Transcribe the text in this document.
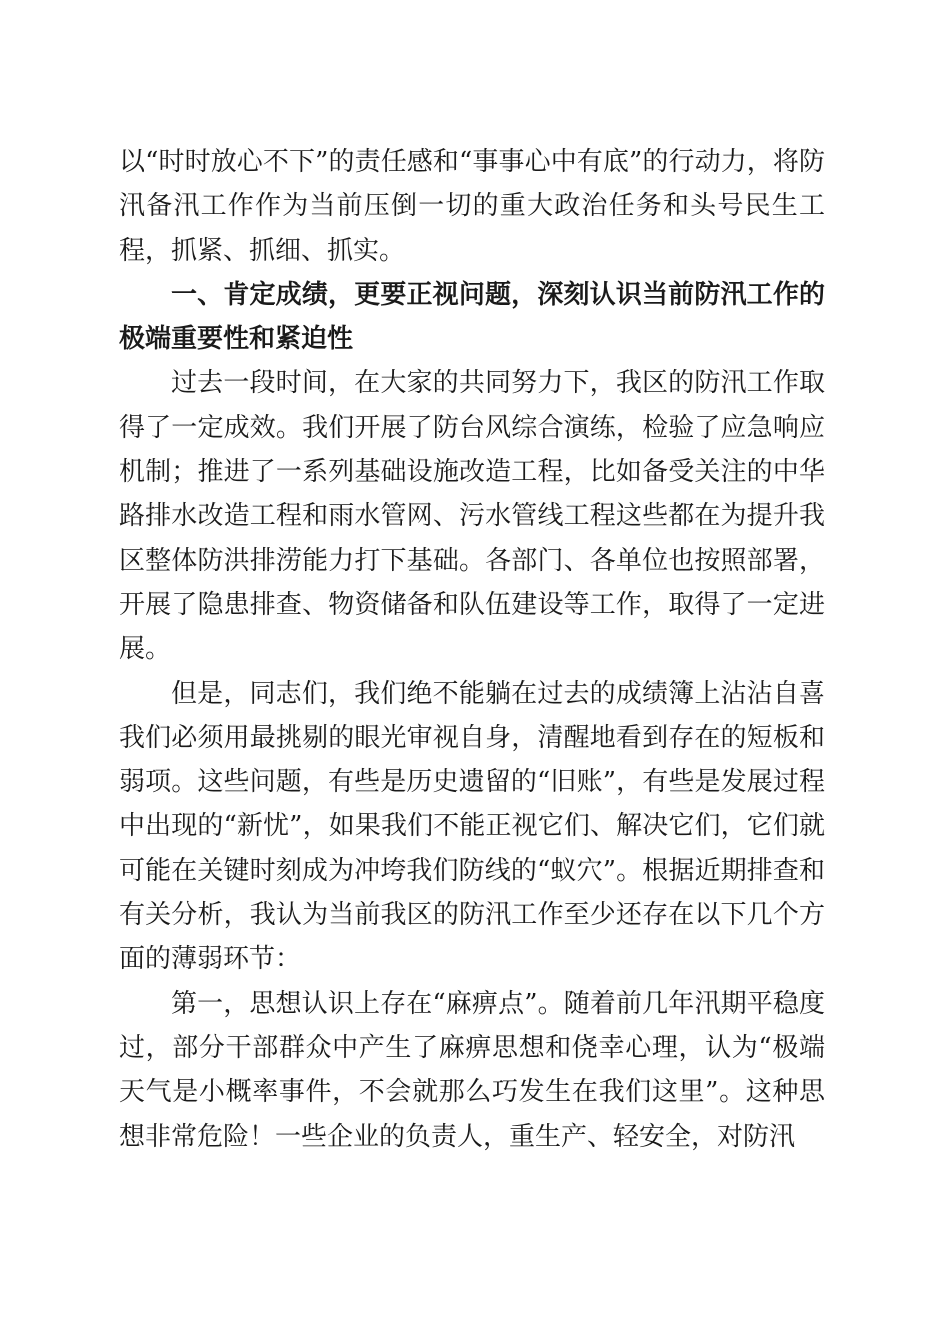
以“时时放心不下”的责任感和“事事心中有底”的行动力，将防汛备汛工作作为当前压倒一切的重大政治任务和头号民生工程，抓紧、抓细、抓实。

一、肯定成绩，更要正视问题，深刻认识当前防汛工作的极端重要性和紧迫性

过去一段时间，在大家的共同努力下，我区的防汛工作取得了一定成效。我们开展了防台风综合演练，检验了应急响应机制；推进了一系列基础设施改造工程，比如备受关注的中华路排水改造工程和雨水管网、污水管线工程这些都在为提升我区整体防洪排涝能力打下基础。各部门、各单位也按照部署，开展了隐患排查、物资储备和队伍建设等工作，取得了一定进展。

但是，同志们，我们绝不能躺在过去的成绩簿上沾沾自喜我们必须用最挑剔的眼光审视自身，清醒地看到存在的短板和弱项。这些问题，有些是历史遗留的“旧账”，有些是发展过程中出现的“新忧”，如果我们不能正视它们、解决它们，它们就可能在关键时刻成为冲垮我们防线的“蚁穴”。根据近期排查和有关分析，我认为当前我区的防汛工作至少还存在以下几个方面的薄弱环节：

第一，思想认识上存在“麻痹点”。随着前几年汛期平稳度过，部分干部群众中产生了麻痹思想和侥幸心理，认为“极端天气是小概率事件，不会就那么巧发生在我们这里”。这种思想非常危险！一些企业的负责人，重生产、轻安全，对防汛
